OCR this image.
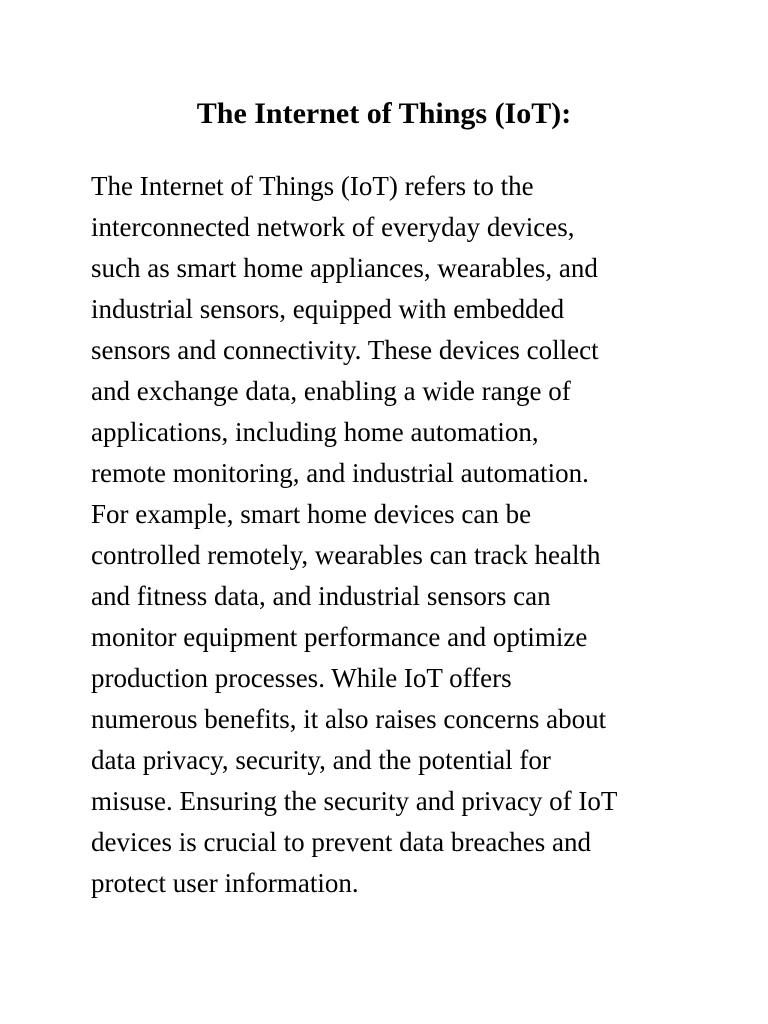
The Internet of Things (IoT):

The Internet of Things (IoT) refers to the
interconnected network of everyday devices,
such as smart home appliances, wearables, and
industrial sensors, equipped with embedded
sensors and connectivity. These devices collect
and exchange data, enabling a wide range of
applications, including home automation,
remote monitoring, and industrial automation.
For example, smart home devices can be
controlled remotely, wearables can track health
and fitness data, and industrial sensors can
monitor equipment performance and optimize
production processes. While IoT offers
numerous benefits, it also raises concerns about
data privacy, security, and the potential for
misuse. Ensuring the security and privacy of IoT
devices is crucial to prevent data breaches and
protect user information.
